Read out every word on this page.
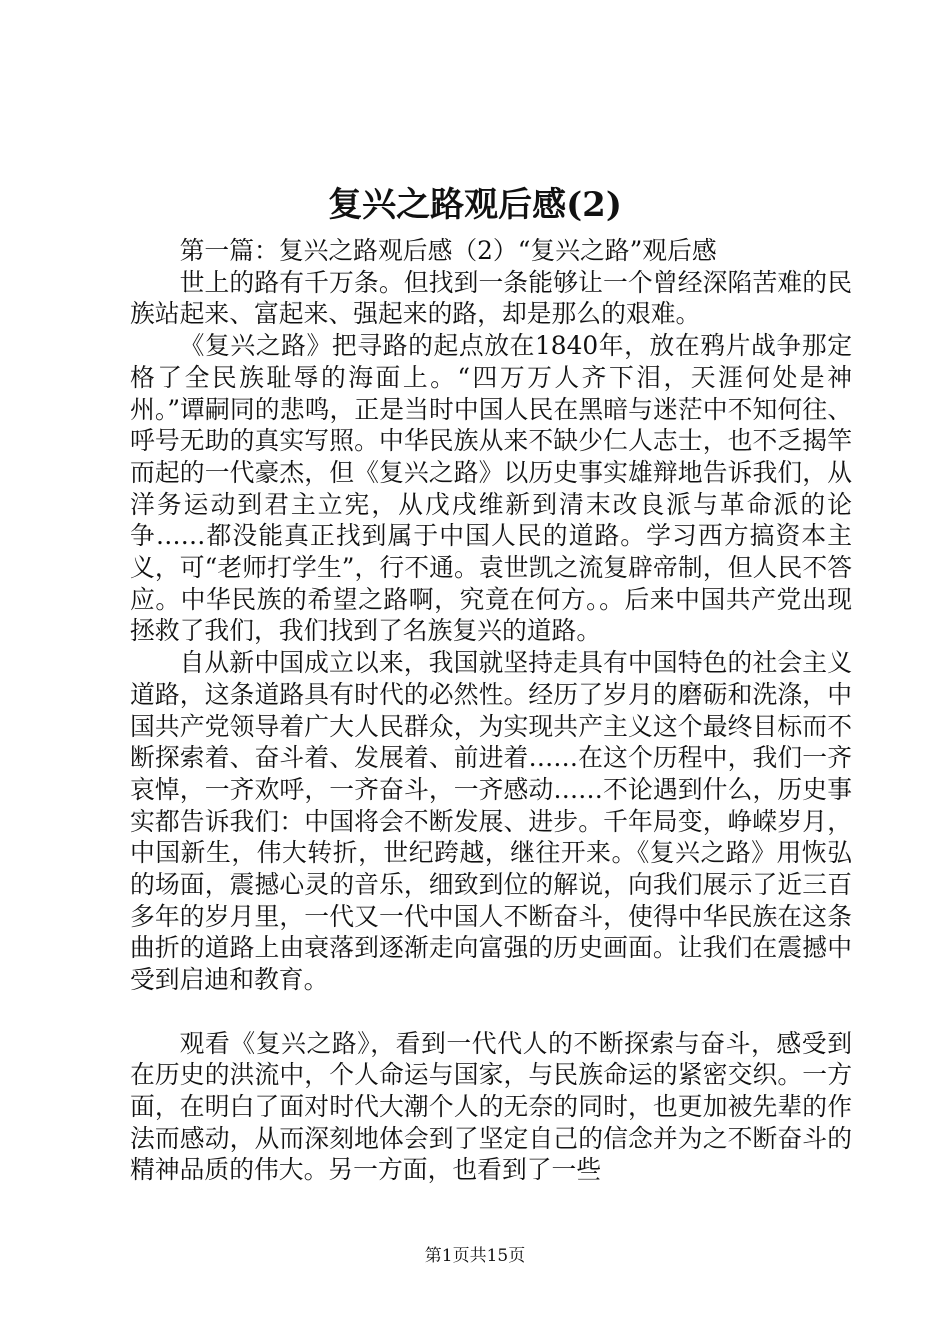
复兴之路观后感(2)

第一篇：复兴之路观后感（2）“复兴之路”观后感

世上的路有千万条。但找到一条能够让一个曾经深陷苦难的民族站起来、富起来、强起来的路，却是那么的艰难。

《复兴之路》把寻路的起点放在1840年，放在鸦片战争那定格了全民族耻辱的海面上。“四万万人齐下泪，天涯何处是神州。”谭嗣同的悲鸣，正是当时中国人民在黑暗与迷茫中不知何往、呼号无助的真实写照。中华民族从来不缺少仁人志士，也不乏揭竿而起的一代豪杰，但《复兴之路》以历史事实雄辩地告诉我们，从洋务运动到君主立宪，从戊戌维新到清末改良派与革命派的论争……都没能真正找到属于中国人民的道路。学习西方搞资本主义，可“老师打学生”，行不通。袁世凯之流复辟帝制，但人民不答应。中华民族的希望之路啊，究竟在何方。。后来中国共产党出现拯救了我们，我们找到了名族复兴的道路。

自从新中国成立以来，我国就坚持走具有中国特色的社会主义道路，这条道路具有时代的必然性。经历了岁月的磨砺和洗涤，中国共产党领导着广大人民群众，为实现共产主义这个最终目标而不断探索着、奋斗着、发展着、前进着……在这个历程中，我们一齐哀悼，一齐欢呼，一齐奋斗，一齐感动……不论遇到什么，历史事实都告诉我们：中国将会不断发展、进步。千年局变，峥嵘岁月，中国新生，伟大转折，世纪跨越，继往开来。《复兴之路》用恢弘的场面，震撼心灵的音乐，细致到位的解说，向我们展示了近三百多年的岁月里，一代又一代中国人不断奋斗，使得中华民族在这条曲折的道路上由衰落到逐渐走向富强的历史画面。让我们在震撼中受到启迪和教育。

观看《复兴之路》，看到一代代人的不断探索与奋斗，感受到在历史的洪流中，个人命运与国家，与民族命运的紧密交织。一方面，在明白了面对时代大潮个人的无奈的同时，也更加被先辈的作法而感动，从而深刻地体会到了坚定自己的信念并为之不断奋斗的精神品质的伟大。另一方面，也看到了一些

第1页共15页
